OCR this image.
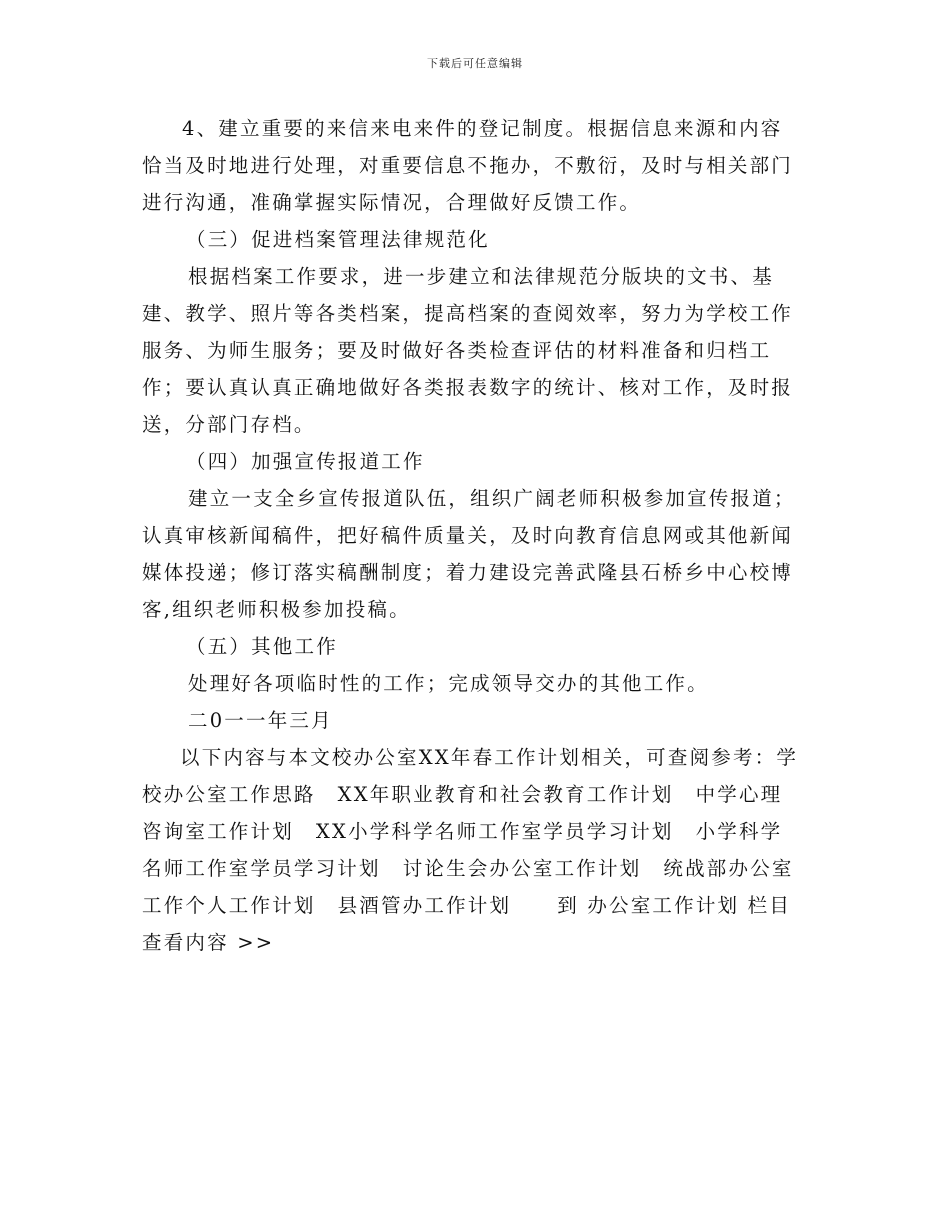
下载后可任意编辑

4、建立重要的来信来电来件的登记制度。根据信息来源和内容恰当及时地进行处理，对重要信息不拖办，不敷衍，及时与相关部门进行沟通，准确掌握实际情况，合理做好反馈工作。

（三）促进档案管理法律规范化

根据档案工作要求，进一步建立和法律规范分版块的文书、基建、教学、照片等各类档案，提高档案的查阅效率，努力为学校工作服务、为师生服务；要及时做好各类检查评估的材料准备和归档工作；要认真认真正确地做好各类报表数字的统计、核对工作，及时报送，分部门存档。

（四）加强宣传报道工作

建立一支全乡宣传报道队伍，组织广阔老师积极参加宣传报道；认真审核新闻稿件，把好稿件质量关，及时向教育信息网或其他新闻媒体投递；修订落实稿酬制度；着力建设完善武隆县石桥乡中心校博客,组织老师积极参加投稿。

（五）其他工作

处理好各项临时性的工作；完成领导交办的其他工作。

二0一一年三月

以下内容与本文校办公室XX年春工作计划相关，可查阅参考：学校办公室工作思路 XX年职业教育和社会教育工作计划 中学心理咨询室工作计划 XX小学科学名师工作室学员学习计划 小学科学名师工作室学员学习计划 讨论生会办公室工作计划 统战部办公室工作个人工作计划 县酒管办工作计划 到 办公室工作计划 栏目查看内容 >>
